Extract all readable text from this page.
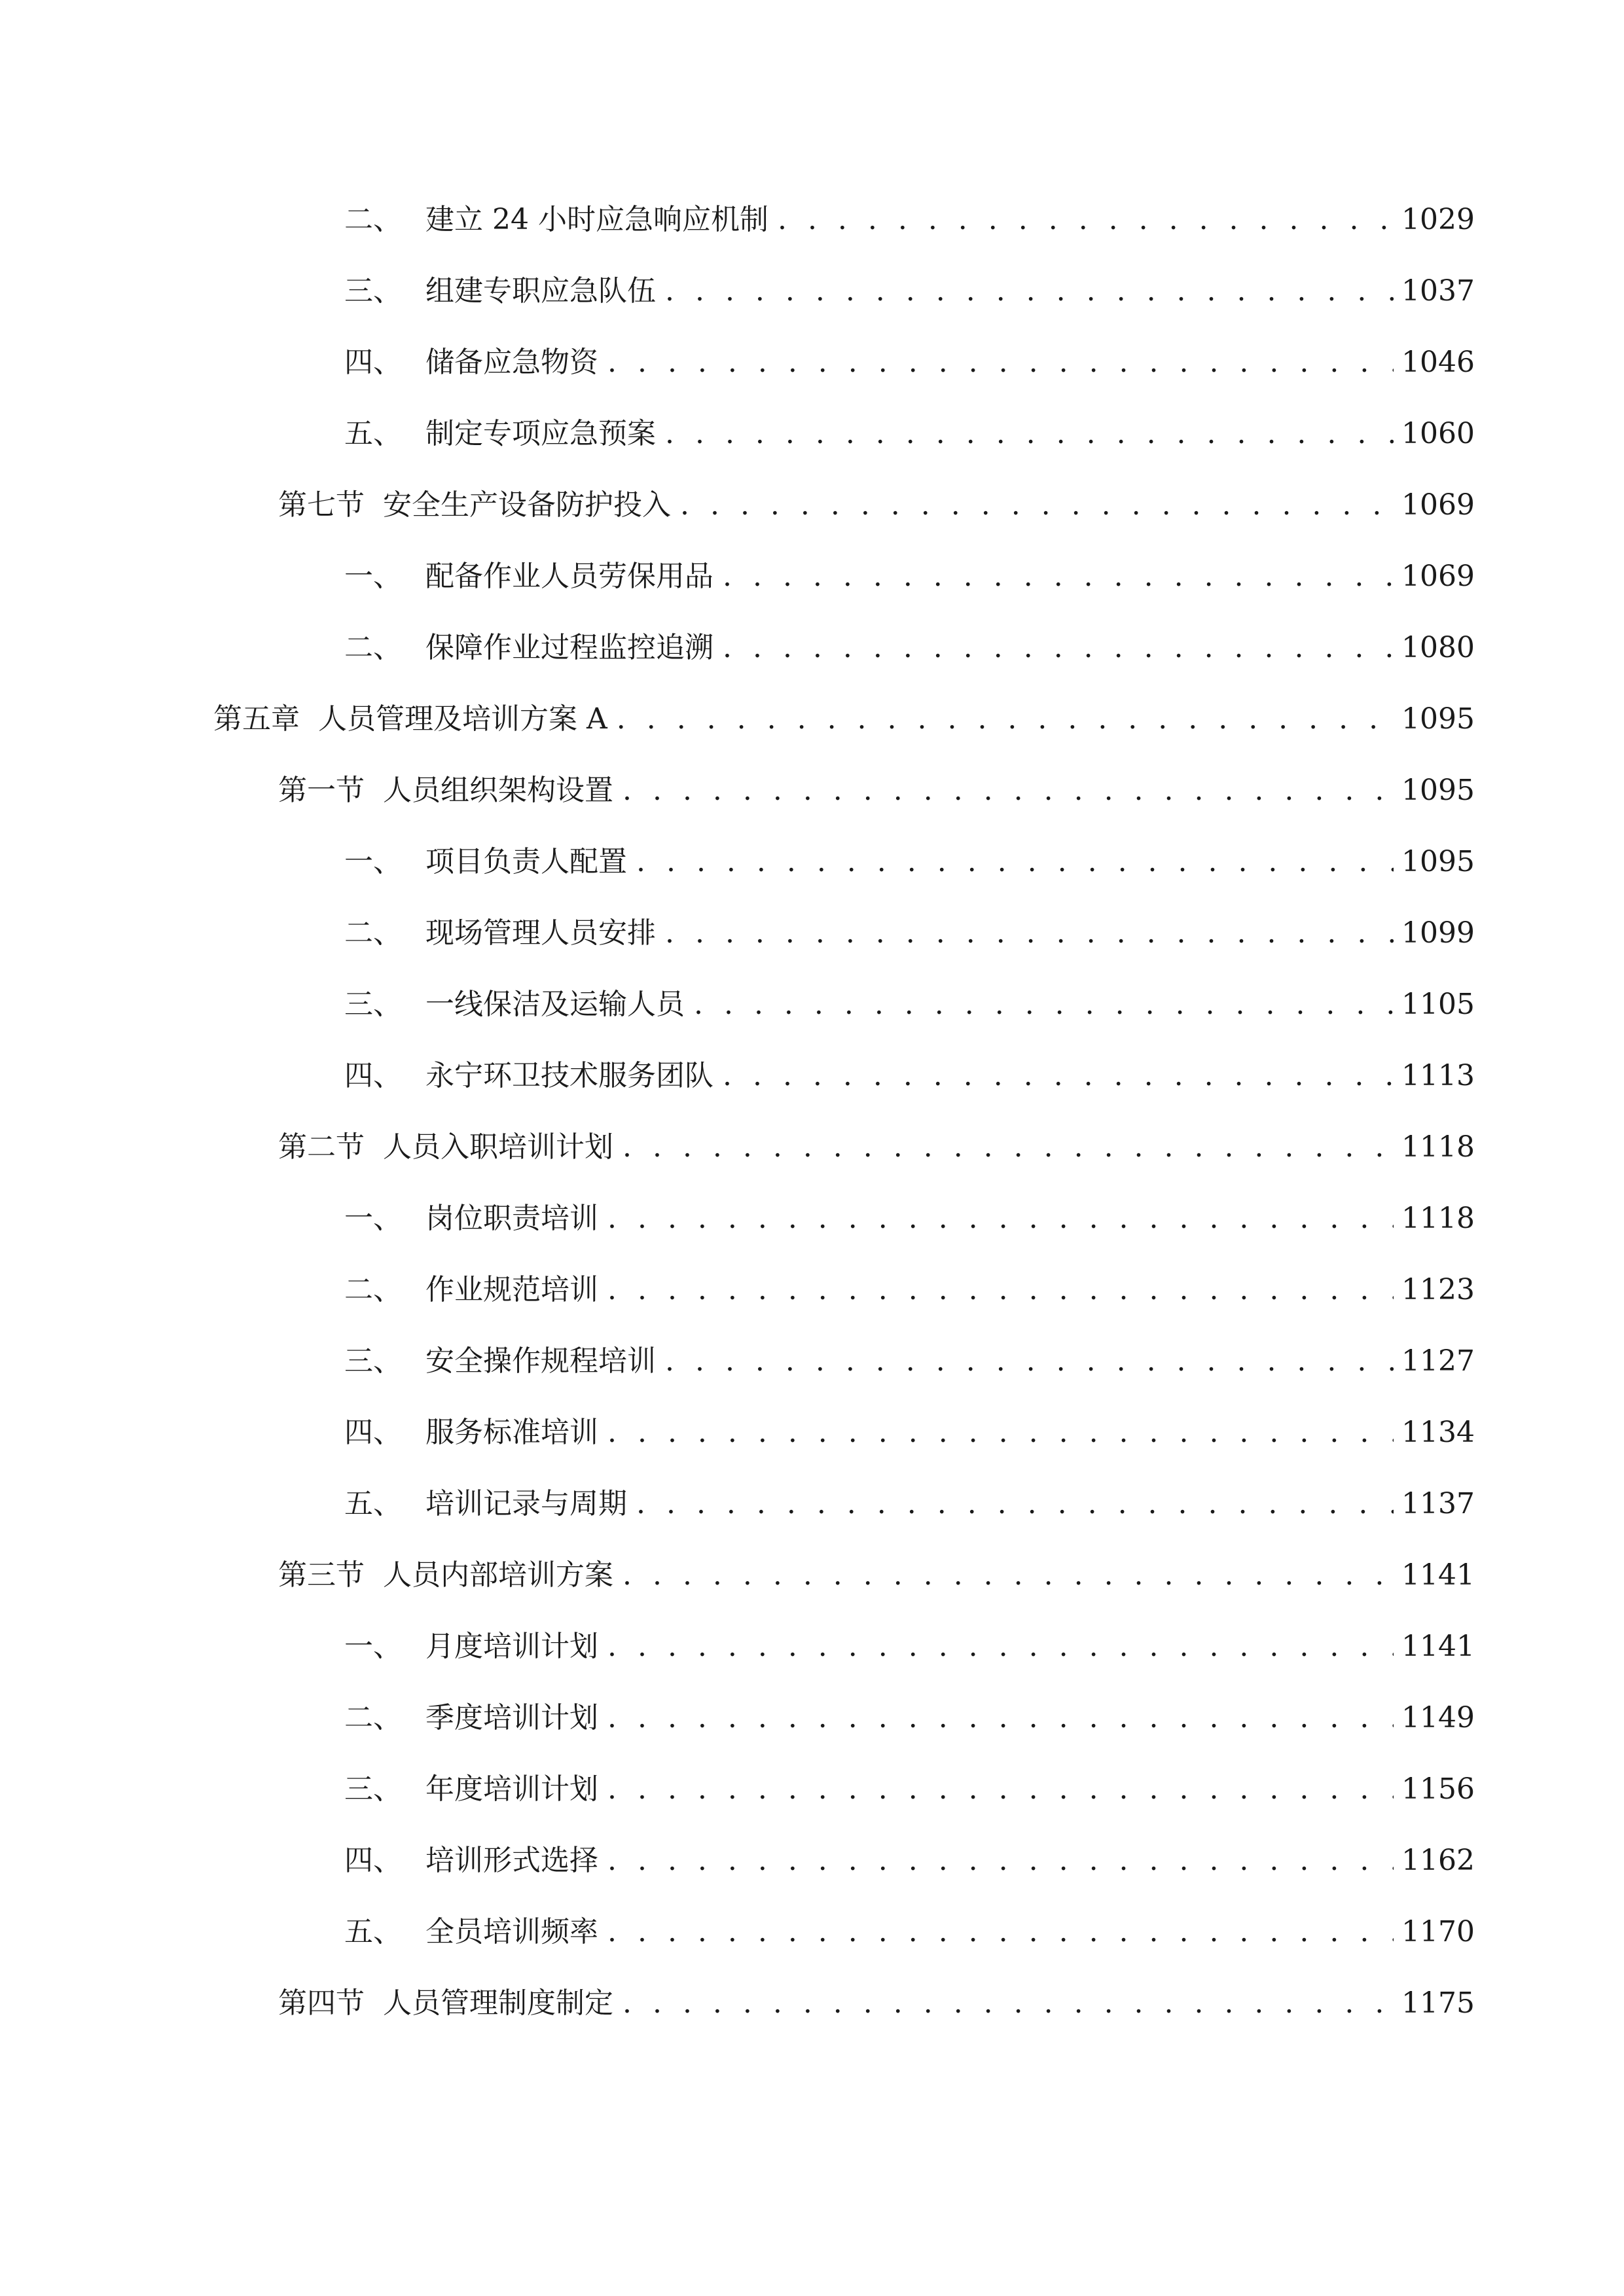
二、 建立 24 小时应急响应机制 . . .	1029
三、 组建专职应急队伍 . . .	1037
四、 储备应急物资 . . .	1046
五、 制定专项应急预案 . . .	1060
第七节 安全生产设备防护投入 . . .	1069
一、 配备作业人员劳保用品 . . .	1069
二、 保障作业过程监控追溯 . . .	1080
第五章 人员管理及培训方案 A . . .	1095
第一节 人员组织架构设置 . . .	1095
一、 项目负责人配置 . . .	1095
二、 现场管理人员安排 . . .	1099
三、 一线保洁及运输人员 . . .	1105
四、 永宁环卫技术服务团队 . . .	1113
第二节 人员入职培训计划 . . .	1118
一、 岗位职责培训 . . .	1118
二、 作业规范培训 . . .	1123
三、 安全操作规程培训 . . .	1127
四、 服务标准培训 . . .	1134
五、 培训记录与周期 . . .	1137
第三节 人员内部培训方案 . . .	1141
一、 月度培训计划 . . .	1141
二、 季度培训计划 . . .	1149
三、 年度培训计划 . . .	1156
四、 培训形式选择 . . .	1162
五、 全员培训频率 . . .	1170
第四节 人员管理制度制定 . . .	1175
